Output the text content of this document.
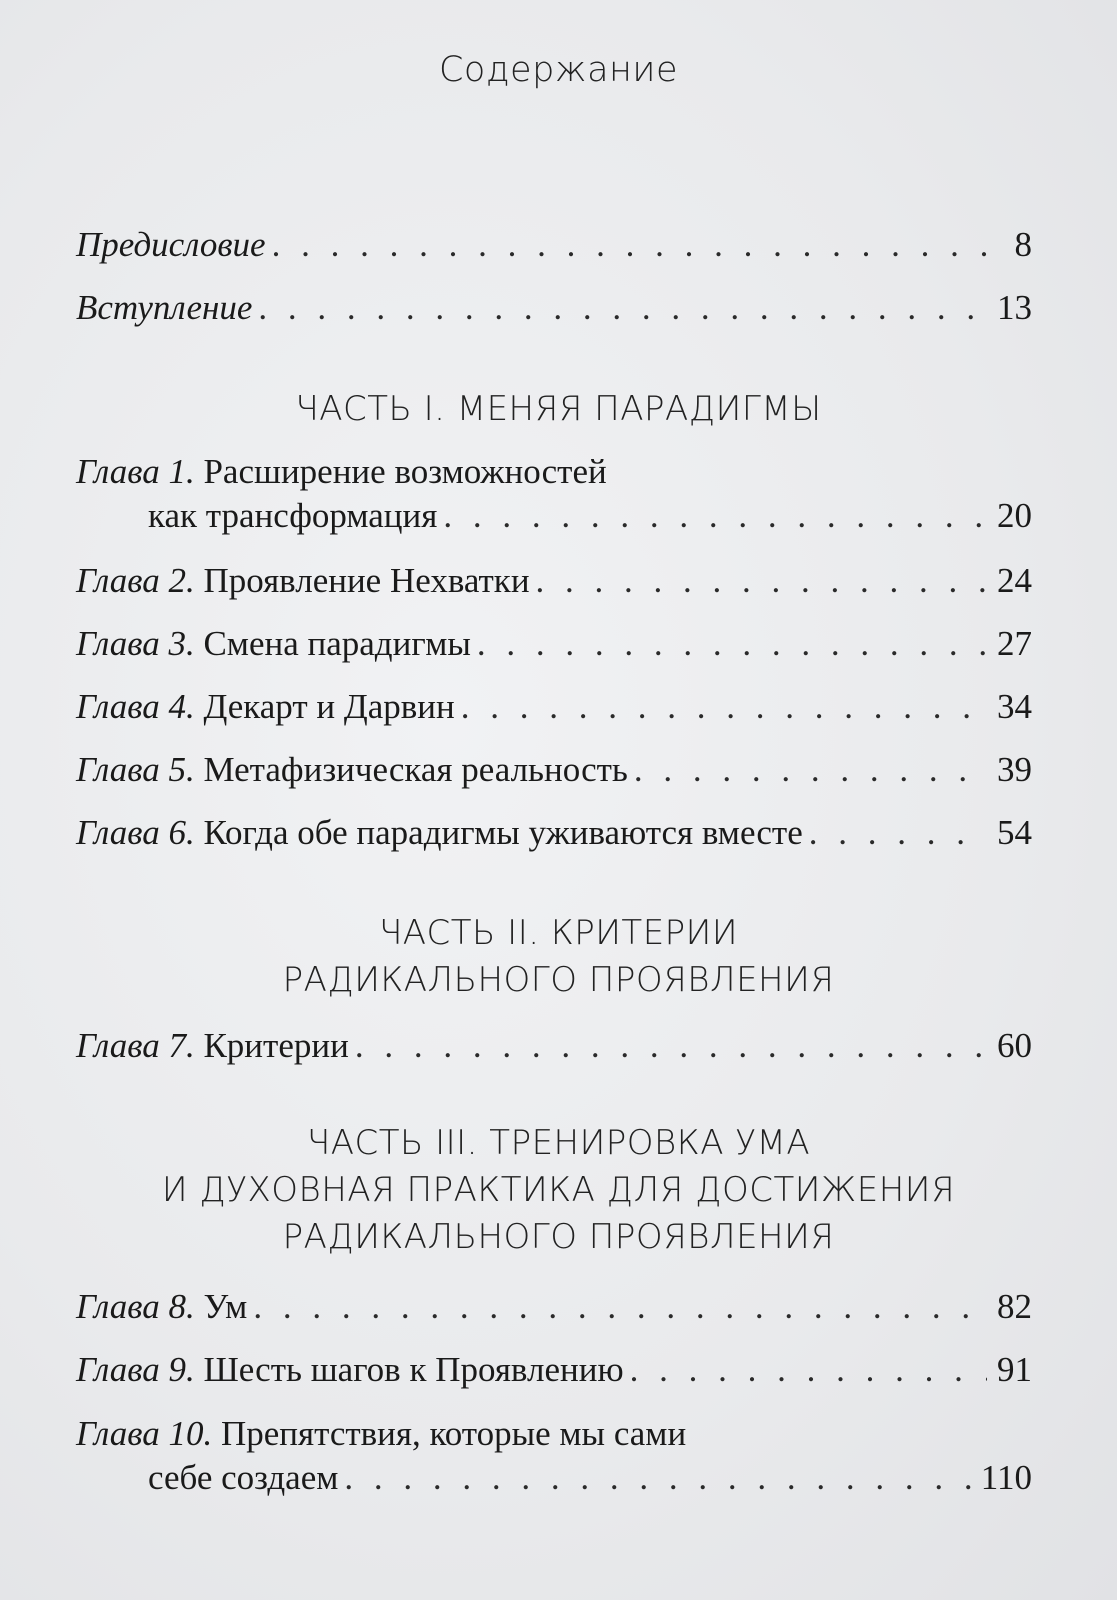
Содержание
Предисловие . . .	8
Вступление . . .	13
ЧАСТЬ I. МЕНЯЯ ПАРАДИГМЫ
Глава 1. Расширение возможностей
как трансформация . . .	20
Глава 2. Проявление Нехватки . . .	24
Глава 3. Смена парадигмы . . .	27
Глава 4. Декарт и Дарвин . . .	34
Глава 5. Метафизическая реальность . . .	39
Глава 6. Когда обе парадигмы уживаются вместе . . .	54
ЧАСТЬ II. КРИТЕРИИ
РАДИКАЛЬНОГО ПРОЯВЛЕНИЯ
Глава 7. Критерии . . .	60
ЧАСТЬ III. ТРЕНИРОВКА УМА
И ДУХОВНАЯ ПРАКТИКА ДЛЯ ДОСТИЖЕНИЯ
РАДИКАЛЬНОГО ПРОЯВЛЕНИЯ
Глава 8. Ум . . .	82
Глава 9. Шесть шагов к Проявлению . . .	91
Глава 10. Препятствия, которые мы сами
себе создаем . . .	110
